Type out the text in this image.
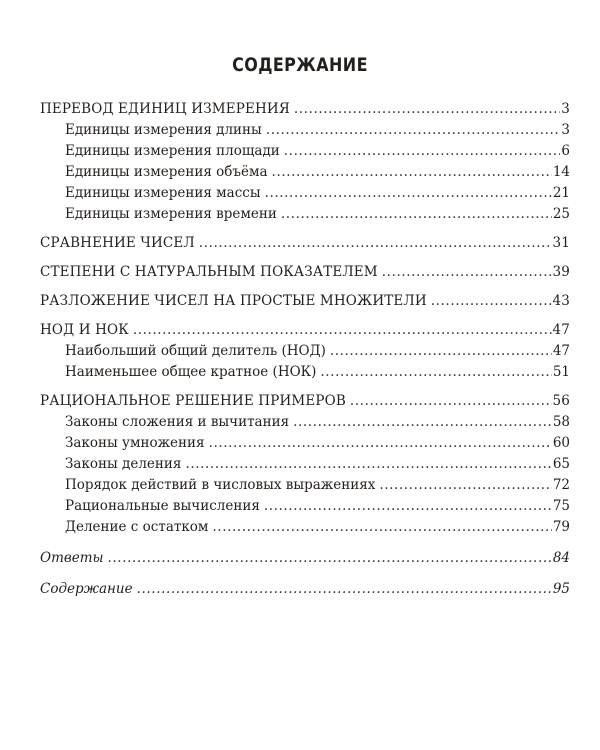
СОДЕРЖАНИЕ
ПЕРЕВОД ЕДИНИЦ ИЗМЕРЕНИЯ .....	3
Единицы измерения длины .....	3
Единицы измерения площади .....	6
Единицы измерения объёма .....	14
Единицы измерения массы .....	21
Единицы измерения времени .....	25
СРАВНЕНИЕ ЧИСЕЛ .....	31
СТЕПЕНИ С НАТУРАЛЬНЫМ ПОКАЗАТЕЛЕМ .....	39
РАЗЛОЖЕНИЕ ЧИСЕЛ НА ПРОСТЫЕ МНОЖИТЕЛИ .....	43
НОД И НОК .....	47
Наибольший общий делитель (НОД) .....	47
Наименьшее общее кратное (НОК) .....	51
РАЦИОНАЛЬНОЕ РЕШЕНИЕ ПРИМЕРОВ .....	56
Законы сложения и вычитания .....	58
Законы умножения .....	60
Законы деления .....	65
Порядок действий в числовых выражениях .....	72
Рациональные вычисления .....	75
Деление с остатком .....	79
Ответы .....	84
Содержание .....	95
